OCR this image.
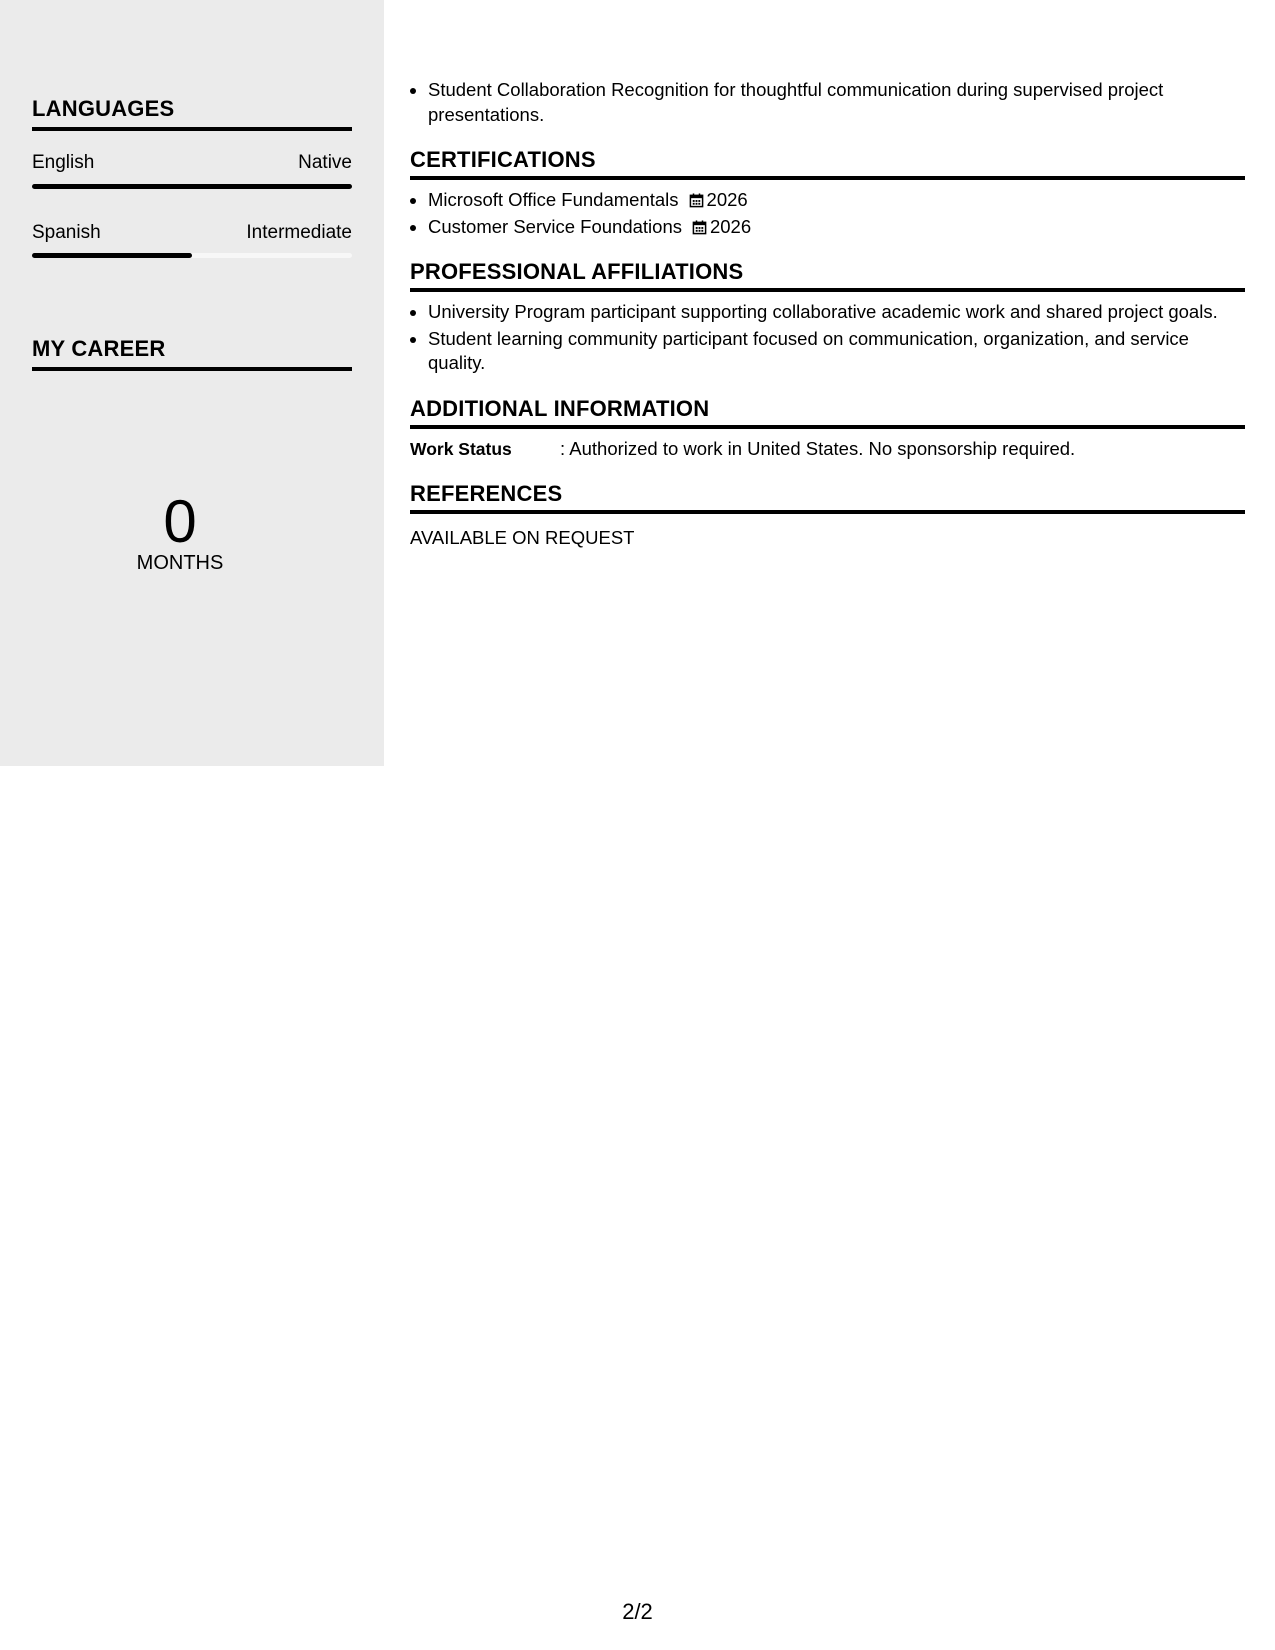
LANGUAGES
English	Native
Spanish	Intermediate
MY CAREER
0
MONTHS
• Student Collaboration Recognition for thoughtful communication during supervised project presentations.
CERTIFICATIONS
• Microsoft Office Fundamentals 2026
• Customer Service Foundations 2026
PROFESSIONAL AFFILIATIONS
• University Program participant supporting collaborative academic work and shared project goals.
• Student learning community participant focused on communication, organization, and service quality.
ADDITIONAL INFORMATION
Work Status	: Authorized to work in United States. No sponsorship required.
REFERENCES
AVAILABLE ON REQUEST
2/2
